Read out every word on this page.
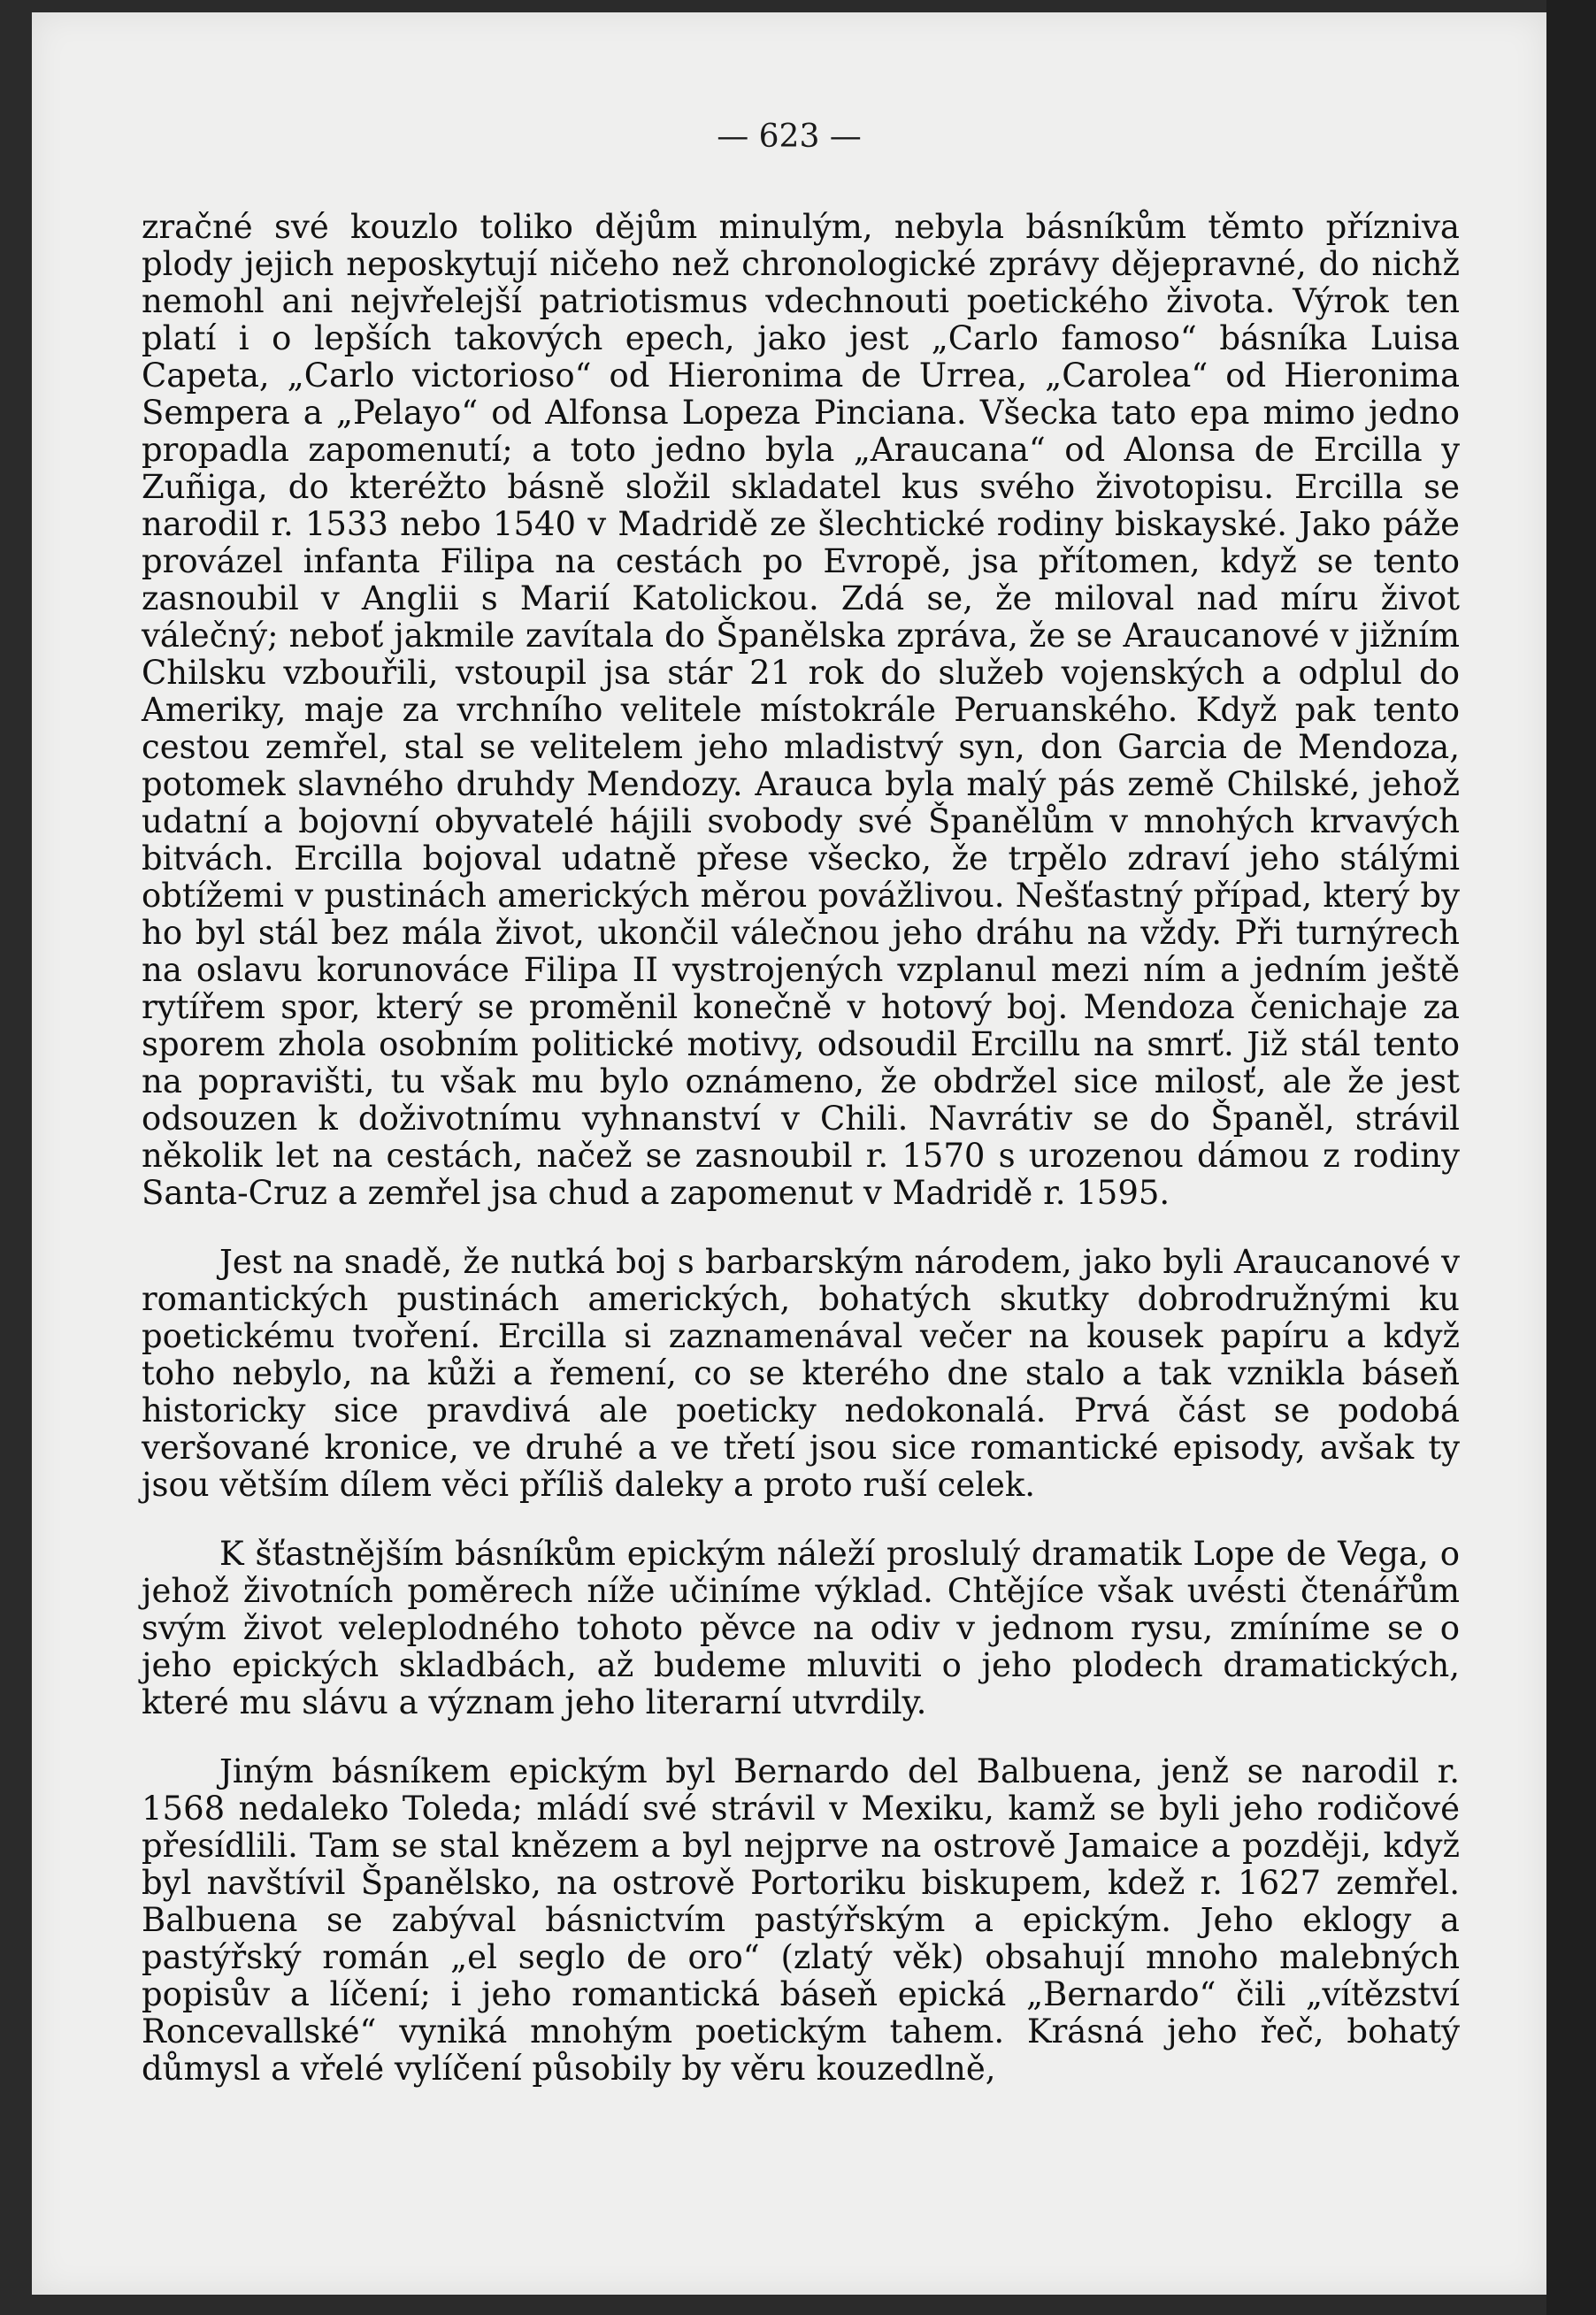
— 623 —

zračné své kouzlo toliko dějům minulým, nebyla básníkům těmto přízniva plody jejich neposkytují ničeho než chronologické zprávy dějepravné, do nichž nemohl ani nejvřelejší patriotismus vdechnouti poetického života. Výrok ten platí i o lepších takových epech, jako jest „Carlo famoso“ básníka Luisa Capeta, „Carlo victorioso“ od Hieronima de Urrea, „Carolea“ od Hieronima Sempera a „Pelayo“ od Alfonsa Lopeza Pinciana. Všecka tato epa mimo jedno propadla zapomenutí; a toto jedno byla „Araucana“ od Alonsa de Ercilla y Zuñiga, do kteréžto básně složil skladatel kus svého životopisu. Ercilla se narodil r. 1533 nebo 1540 v Madridě ze šlechtické rodiny biskayské. Jako páže provázel infanta Filipa na cestách po Evropě, jsa přítomen, když se tento zasnoubil v Anglii s Marií Katolickou. Zdá se, že miloval nad míru život válečný; neboť jakmile zavítala do Španělska zpráva, že se Araucanové v jižním Chilsku vzbouřili, vstoupil jsa stár 21 rok do služeb vojenských a odplul do Ameriky, maje za vrchního velitele místokrále Peruanského. Když pak tento cestou zemřel, stal se velitelem jeho mladistvý syn, don Garcia de Mendoza, potomek slavného druhdy Mendozy. Arauca byla malý pás země Chilské, jehož udatní a bojovní obyvatelé hájili svobody své Španělům v mnohých krvavých bitvách. Ercilla bojoval udatně přese všecko, že trpělo zdraví jeho stálými obtížemi v pustinách amerických měrou povážlivou. Nešťastný případ, který by ho byl stál bez mála život, ukončil válečnou jeho dráhu na vždy. Při turnýrech na oslavu korunováce Filipa II vystrojených vzplanul mezi ním a jedním ještě rytířem spor, který se proměnil konečně v hotový boj. Mendoza čenichaje za sporem zhola osobním politické motivy, odsoudil Ercillu na smrť. Již stál tento na popravišti, tu však mu bylo oznámeno, že obdržel sice milosť, ale že jest odsouzen k doživotnímu vyhnanství v Chili. Navrátiv se do Španěl, strávil několik let na cestách, načež se zasnoubil r. 1570 s urozenou dámou z rodiny Santa-Cruz a zemřel jsa chud a zapomenut v Madridě r. 1595.

Jest na snadě, že nutká boj s barbarským národem, jako byli Araucanové v romantických pustinách amerických, bohatých skutky dobrodružnými ku poetickému tvoření. Ercilla si zaznamenával večer na kousek papíru a když toho nebylo, na kůži a řemení, co se kterého dne stalo a tak vznikla báseň historicky sice pravdivá ale poeticky nedokonalá. Prvá část se podobá veršované kronice, ve druhé a ve třetí jsou sice romantické episody, avšak ty jsou větším dílem věci příliš daleky a proto ruší celek.

K šťastnějším básníkům epickým náleží proslulý dramatik Lope de Vega, o jehož životních poměrech níže učiníme výklad. Chtějíce však uvésti čtenářům svým život veleplodného tohoto pěvce na odiv v jednom rysu, zmíníme se o jeho epických skladbách, až budeme mluviti o jeho plodech dramatických, které mu slávu a význam jeho literarní utvrdily.

Jiným básníkem epickým byl Bernardo del Balbuena, jenž se narodil r. 1568 nedaleko Toleda; mládí své strávil v Mexiku, kamž se byli jeho rodičové přesídlili. Tam se stal knězem a byl nejprve na ostrově Jamaice a později, když byl navštívil Španělsko, na ostrově Portoriku biskupem, kdež r. 1627 zemřel. Balbuena se zabýval básnictvím pastýřským a epickým. Jeho eklogy a pastýřský román „el seglo de oro“ (zlatý věk) obsahují mnoho malebných popisův a líčení; i jeho romantická báseň epická „Bernardo“ čili „vítězství Roncevallské“ vyniká mnohým poetickým tahem. Krásná jeho řeč, bohatý důmysl a vřelé vylíčení působily by věru kouzedlně,
